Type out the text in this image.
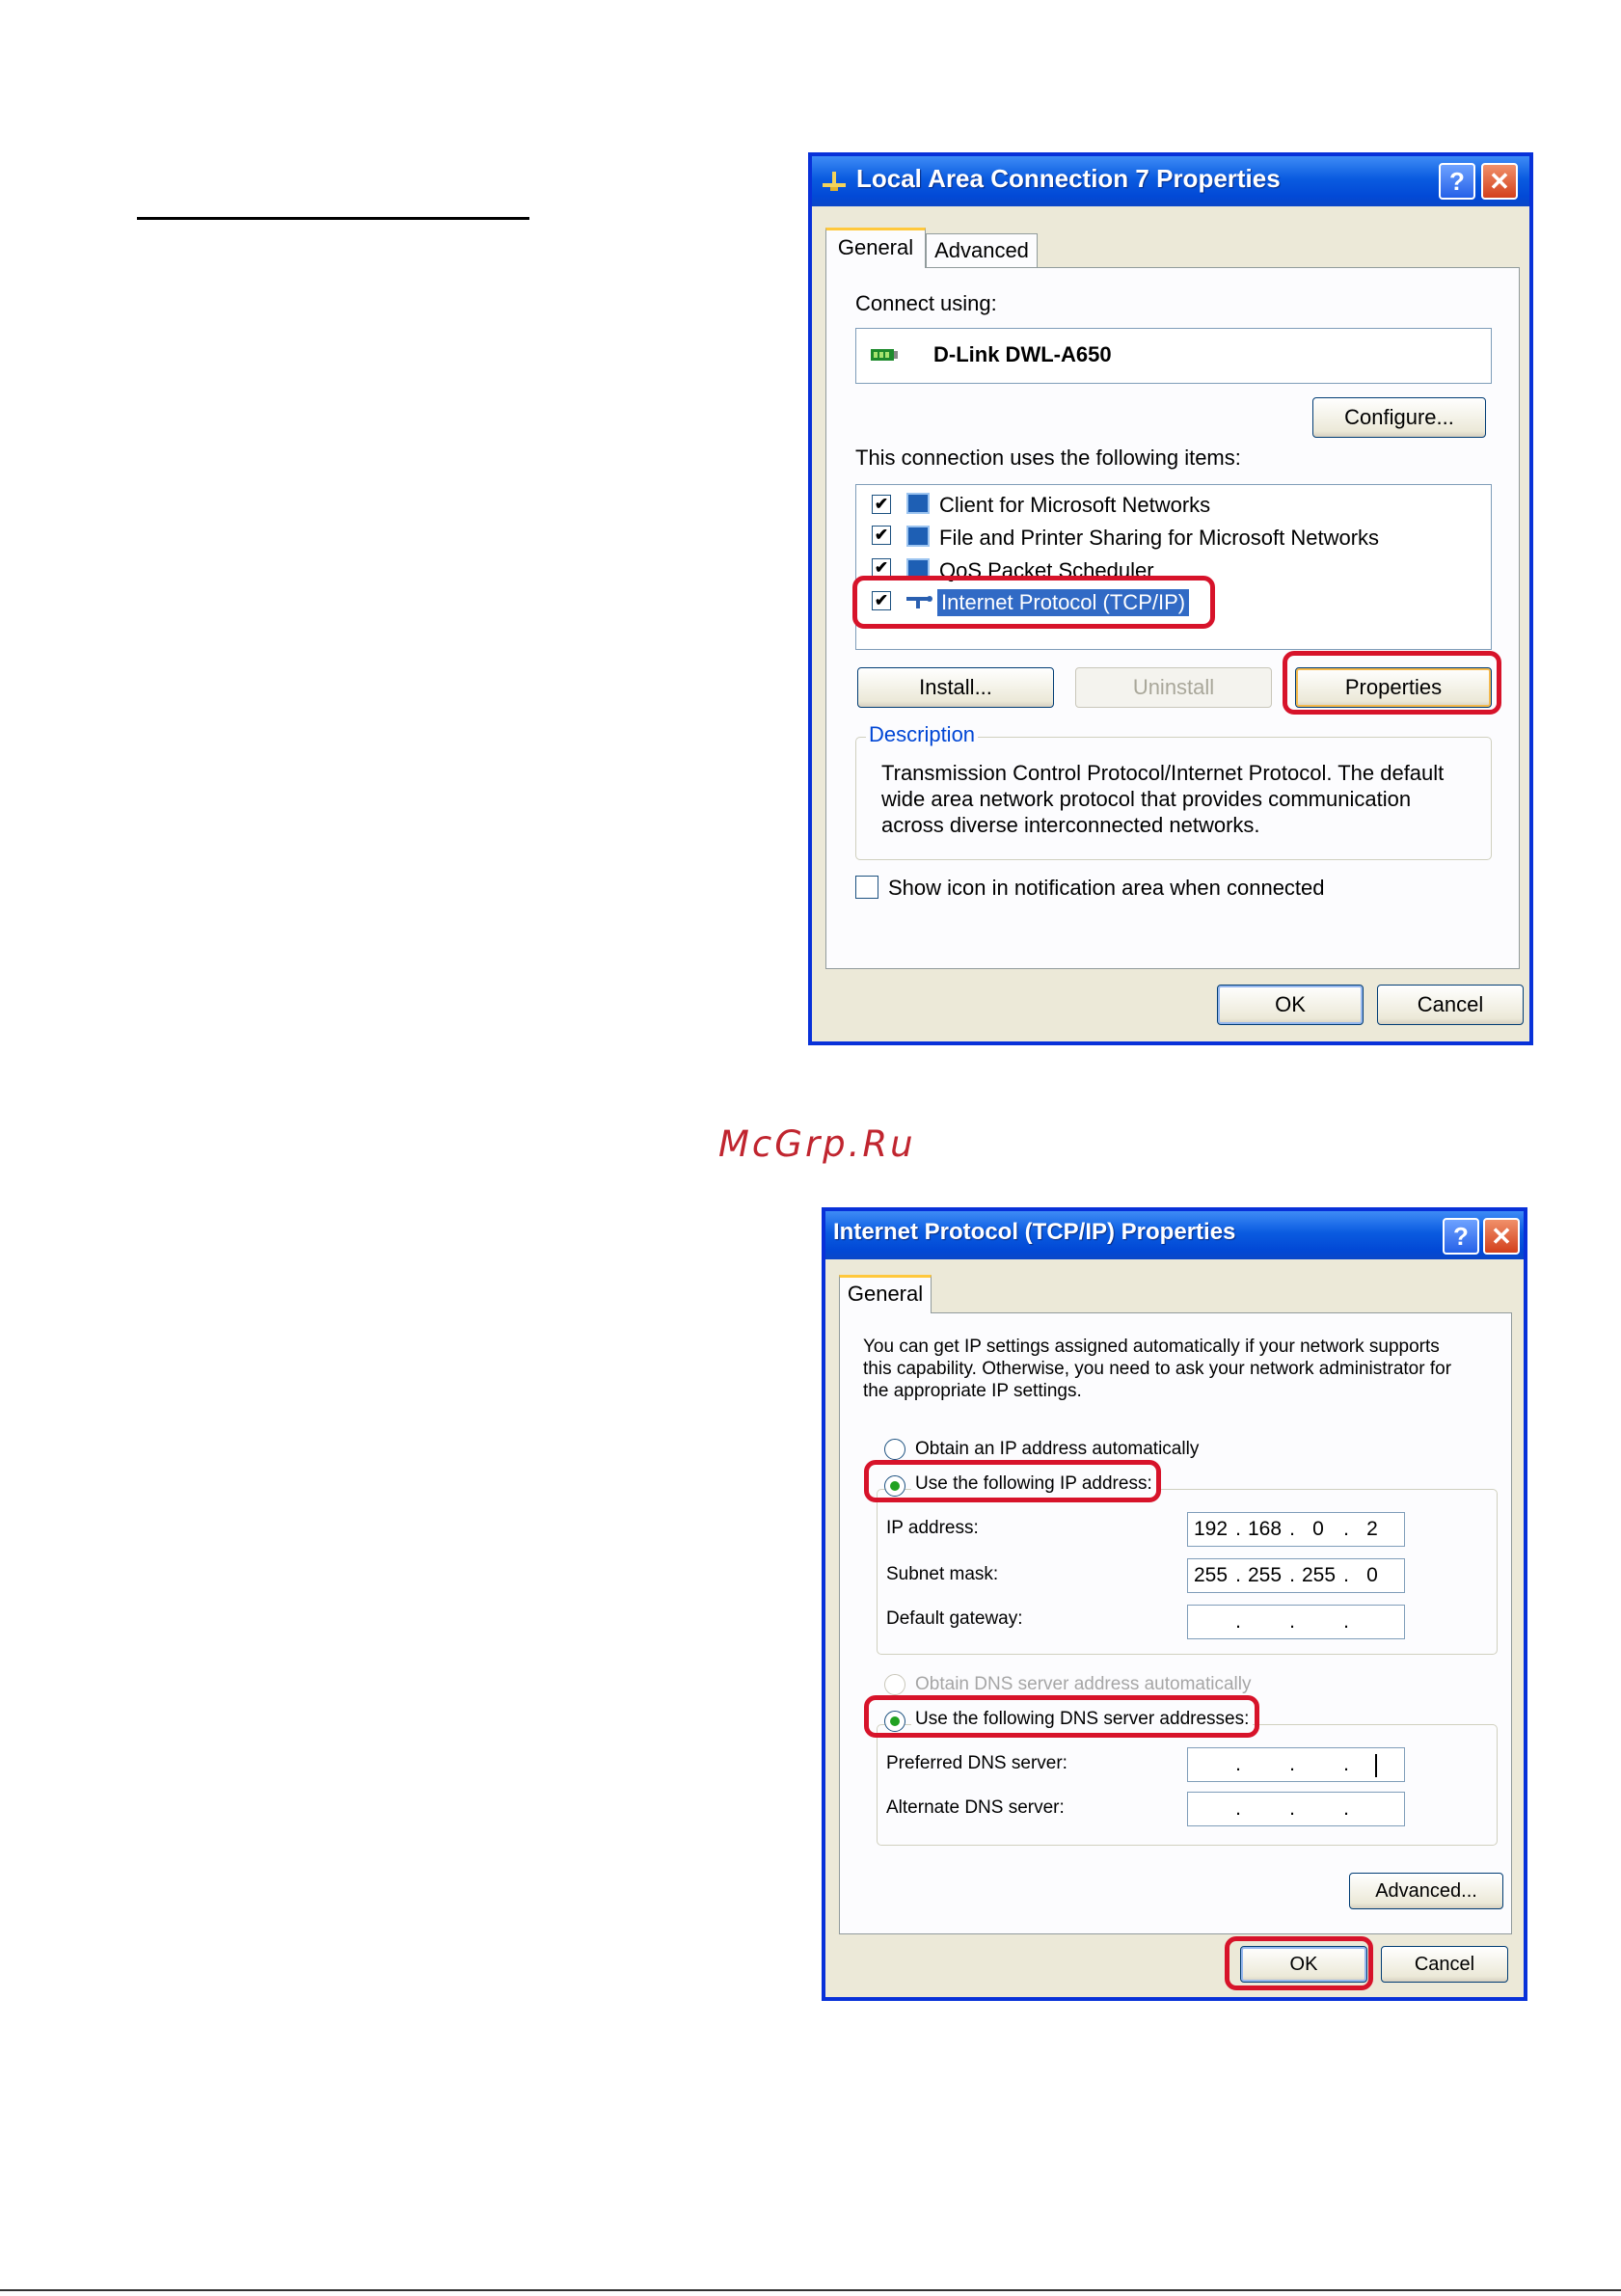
Local Area Connection 7 Properties	? ✕
General Advanced
Connect using:
D-Link DWL-A650
Configure...
This connection uses the following items:
✔ Client for Microsoft Networks
✔ File and Printer Sharing for Microsoft Networks
✔ QoS Packet Scheduler
✔ Internet Protocol (TCP/IP)
Install...	Uninstall	Properties
Description
Transmission Control Protocol/Internet Protocol. The default
wide area network protocol that provides communication
across diverse interconnected networks.
Show icon in notification area when connected
OK	Cancel
McGrp.Ru
Internet Protocol (TCP/IP) Properties	? ✕
General
You can get IP settings assigned automatically if your network supports
this capability. Otherwise, you need to ask your network administrator for
the appropriate IP settings.
Obtain an IP address automatically
Use the following IP address:
IP address:	192 . 168 . 0 . 2
Subnet mask:	255 . 255 . 255 . 0
Default gateway:	. . .
Obtain DNS server address automatically
Use the following DNS server addresses:
Preferred DNS server:	. . .
Alternate DNS server:	. . .
Advanced...
OK	Cancel
